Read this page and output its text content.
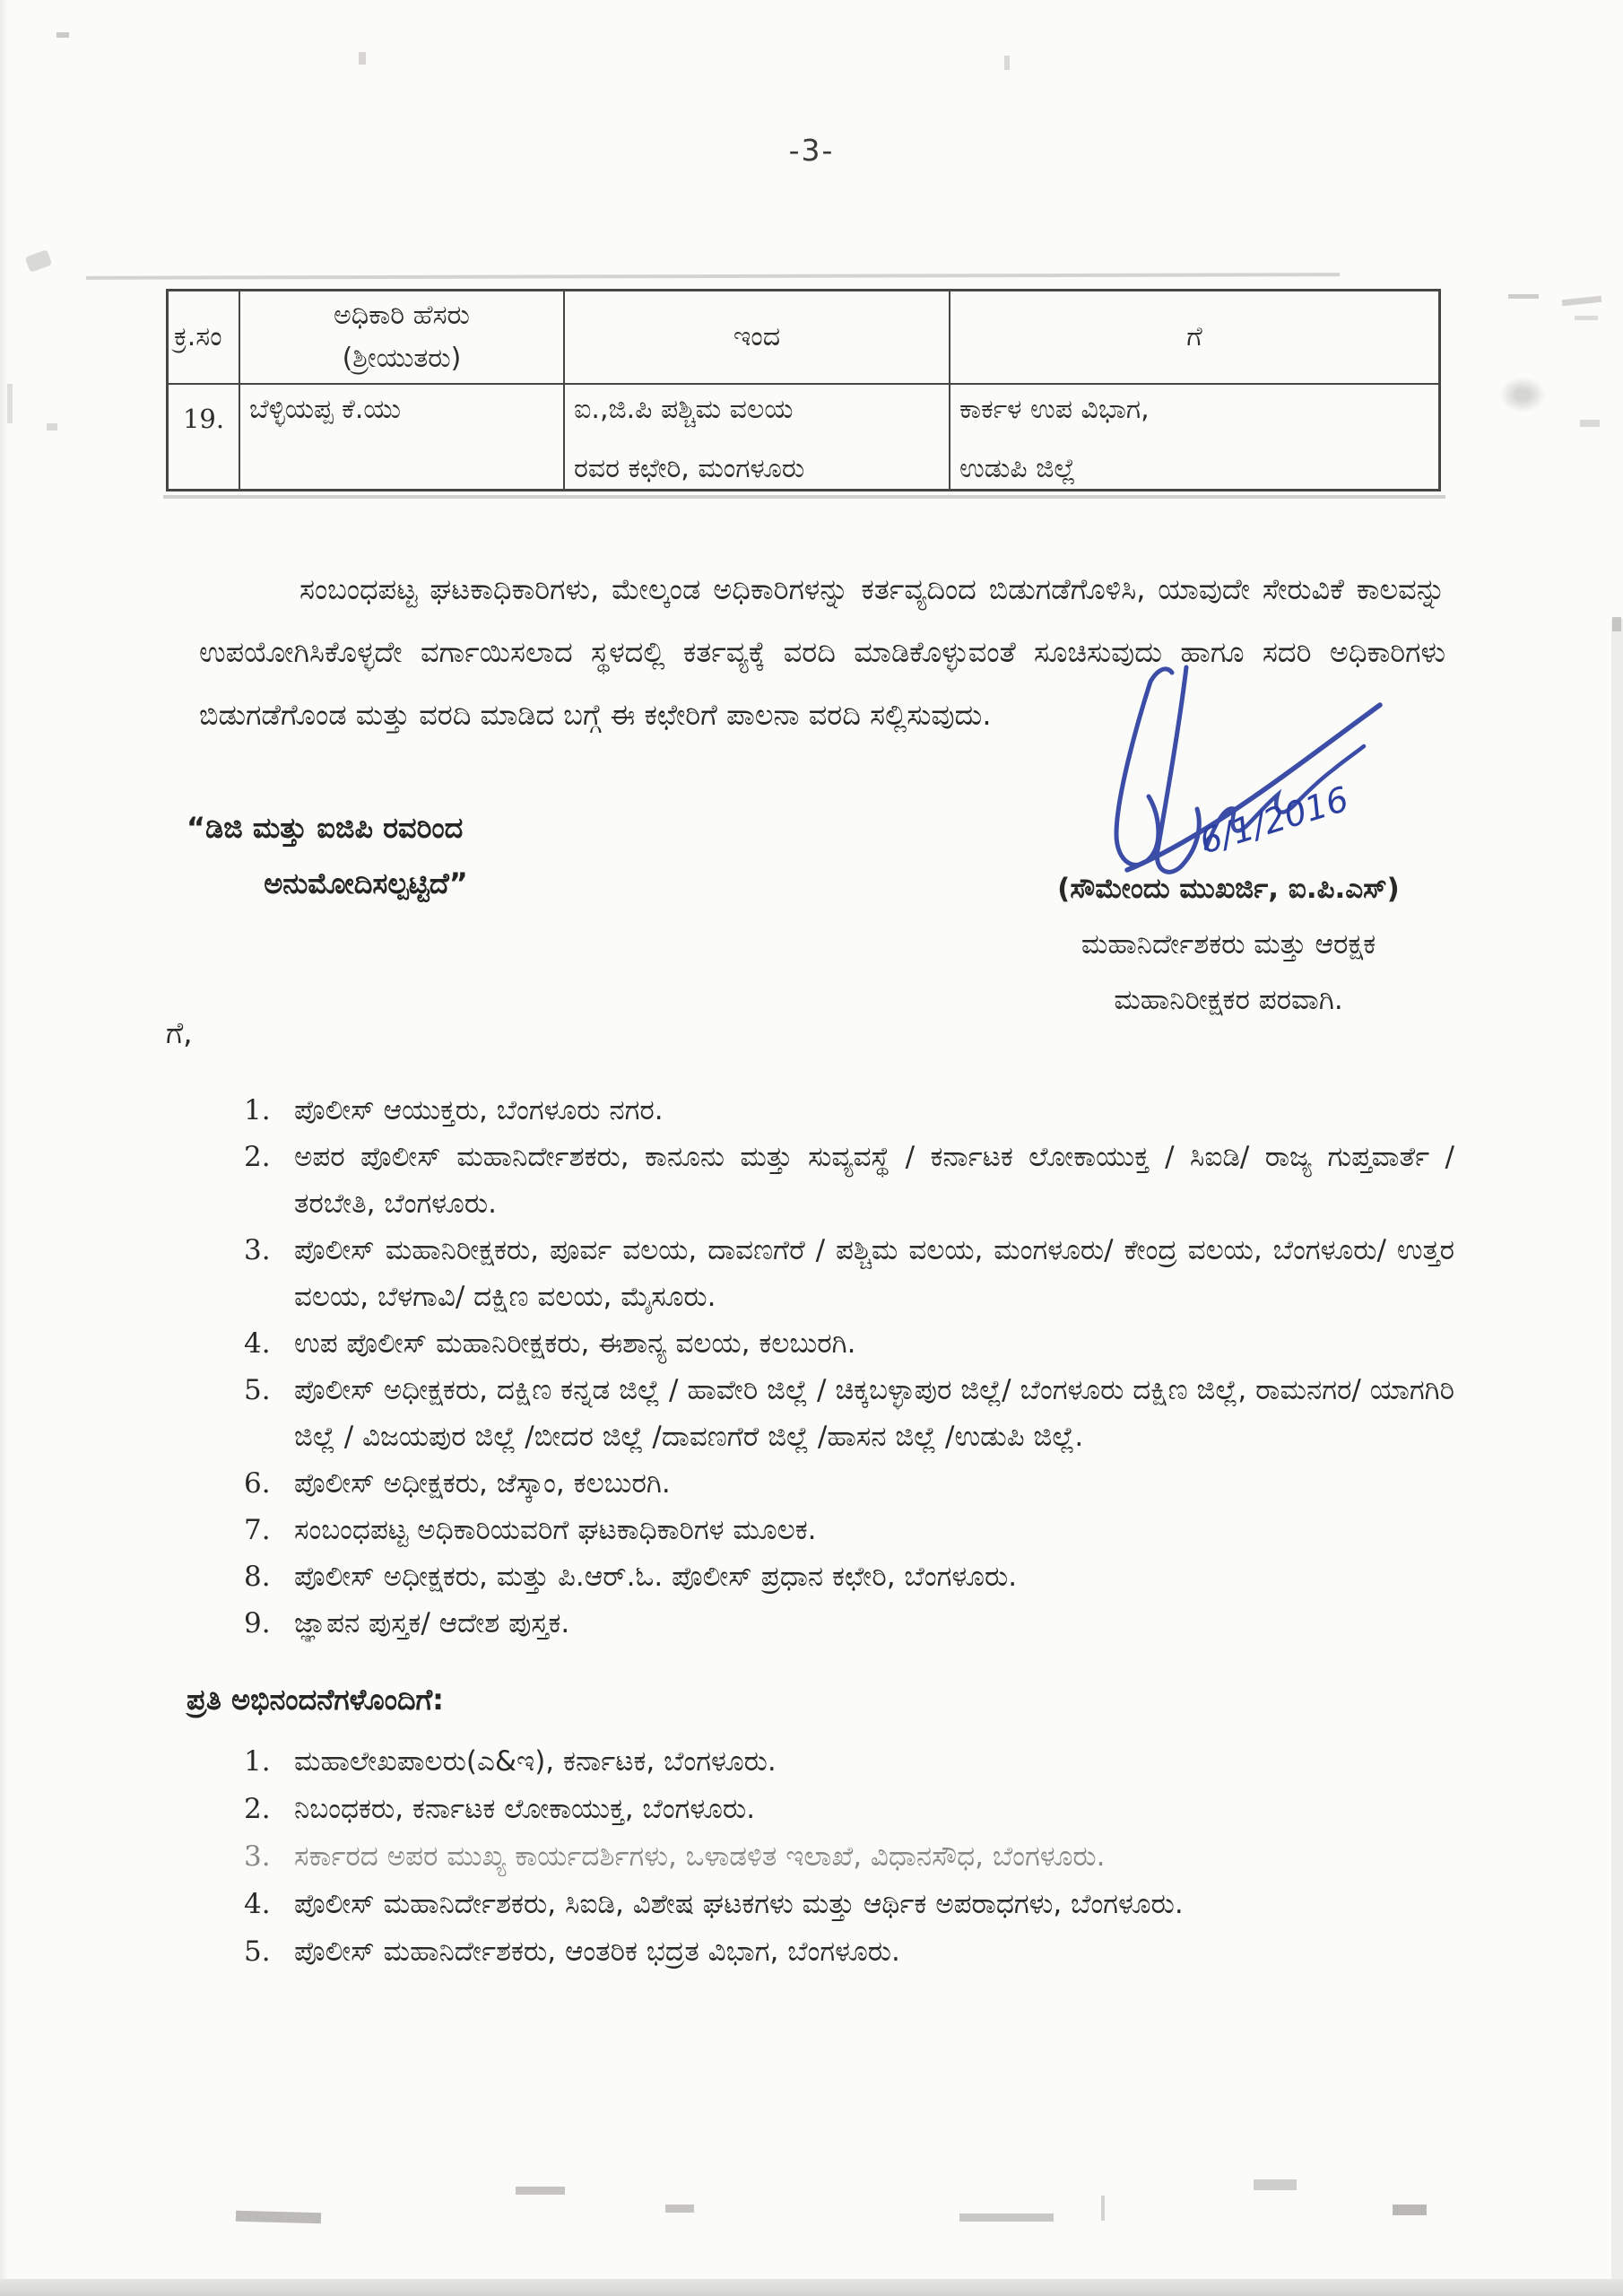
-3-
ಕ್ರ.ಸಂ
ಅಧಿಕಾರಿ ಹೆಸರು
(ಶ್ರೀಯುತರು)
ಇಂದ	ಗೆ
19. ಬೆಳ್ಳಿಯಪ್ಪ ಕೆ.ಯು	ಐ.,ಜಿ.ಪಿ ಪಶ್ಚಿಮ ವಲಯ
ರವರ ಕಛೇರಿ, ಮಂಗಳೂರು
ಕಾರ್ಕಳ ಉಪ ವಿಭಾಗ,
ಉಡುಪಿ ಜಿಲ್ಲೆ
ಸಂಬಂಧಪಟ್ಟ ಘಟಕಾಧಿಕಾರಿಗಳು, ಮೇಲ್ಕಂಡ ಅಧಿಕಾರಿಗಳನ್ನು ಕರ್ತವ್ಯದಿಂದ ಬಿಡುಗಡೆಗೊಳಿಸಿ, ಯಾವುದೇ ಸೇರುವಿಕೆ ಕಾಲವನ್ನು ಉಪಯೋಗಿಸಿಕೊಳ್ಳದೇ ವರ್ಗಾಯಿಸಲಾದ ಸ್ಥಳದಲ್ಲಿ ಕರ್ತವ್ಯಕ್ಕೆ ವರದಿ ಮಾಡಿಕೊಳ್ಳುವಂತೆ ಸೂಚಿಸುವುದು ಹಾಗೂ ಸದರಿ ಅಧಿಕಾರಿಗಳು ಬಿಡುಗಡೆಗೊಂಡ ಮತ್ತು ವರದಿ ಮಾಡಿದ ಬಗ್ಗೆ ಈ ಕಛೇರಿಗೆ ಪಾಲನಾ ವರದಿ ಸಲ್ಲಿಸುವುದು.
“ಡಿಜಿ ಮತ್ತು ಐಜಿಪಿ ರವರಿಂದ
ಅನುಮೋದಿಸಲ್ಪಟ್ಟಿದೆ”
6/1/2016
(ಸೌಮೇಂದು ಮುಖರ್ಜಿ, ಐ.ಪಿ.ಎಸ್)
ಮಹಾನಿರ್ದೇಶಕರು ಮತ್ತು ಆರಕ್ಷಕ
ಮಹಾನಿರೀಕ್ಷಕರ ಪರವಾಗಿ.
ಗೆ,
1. ಪೊಲೀಸ್ ಆಯುಕ್ತರು, ಬೆಂಗಳೂರು ನಗರ.
2. ಅಪರ ಪೊಲೀಸ್ ಮಹಾನಿರ್ದೇಶಕರು, ಕಾನೂನು ಮತ್ತು ಸುವ್ಯವಸ್ಥೆ / ಕರ್ನಾಟಕ ಲೋಕಾಯುಕ್ತ / ಸಿಐಡಿ/ ರಾಜ್ಯ ಗುಪ್ತವಾರ್ತೆ / ತರಬೇತಿ, ಬೆಂಗಳೂರು.
3. ಪೊಲೀಸ್ ಮಹಾನಿರೀಕ್ಷಕರು, ಪೂರ್ವ ವಲಯ, ದಾವಣಗೆರೆ / ಪಶ್ಚಿಮ ವಲಯ, ಮಂಗಳೂರು/ ಕೇಂದ್ರ ವಲಯ, ಬೆಂಗಳೂರು/ ಉತ್ತರ ವಲಯ, ಬೆಳಗಾವಿ/ ದಕ್ಷಿಣ ವಲಯ, ಮೈಸೂರು.
4. ಉಪ ಪೊಲೀಸ್ ಮಹಾನಿರೀಕ್ಷಕರು, ಈಶಾನ್ಯ ವಲಯ, ಕಲಬುರಗಿ.
5. ಪೊಲೀಸ್ ಅಧೀಕ್ಷಕರು, ದಕ್ಷಿಣ ಕನ್ನಡ ಜಿಲ್ಲೆ / ಹಾವೇರಿ ಜಿಲ್ಲೆ / ಚಿಕ್ಕಬಳ್ಳಾಪುರ ಜಿಲ್ಲೆ/ ಬೆಂಗಳೂರು ದಕ್ಷಿಣ ಜಿಲ್ಲೆ, ರಾಮನಗರ/ ಯಾಗಗಿರಿ ಜಿಲ್ಲೆ / ವಿಜಯಪುರ ಜಿಲ್ಲೆ /ಬೀದರ ಜಿಲ್ಲೆ /ದಾವಣಗೆರೆ ಜಿಲ್ಲೆ /ಹಾಸನ ಜಿಲ್ಲೆ /ಉಡುಪಿ ಜಿಲ್ಲೆ.
6. ಪೊಲೀಸ್ ಅಧೀಕ್ಷಕರು, ಜೆಸ್ಕಾಂ, ಕಲಬುರಗಿ.
7. ಸಂಬಂಧಪಟ್ಟ ಅಧಿಕಾರಿಯವರಿಗೆ ಘಟಕಾಧಿಕಾರಿಗಳ ಮೂಲಕ.
8. ಪೊಲೀಸ್ ಅಧೀಕ್ಷಕರು, ಮತ್ತು ಪಿ.ಆರ್.ಓ. ಪೊಲೀಸ್ ಪ್ರಧಾನ ಕಛೇರಿ, ಬೆಂಗಳೂರು.
9. ಜ್ಞಾಪನ ಪುಸ್ತಕ/ ಆದೇಶ ಪುಸ್ತಕ.
ಪ್ರತಿ ಅಭಿನಂದನೆಗಳೊಂದಿಗೆ:
1. ಮಹಾಲೇಖಪಾಲರು(ಎ&ಇ), ಕರ್ನಾಟಕ, ಬೆಂಗಳೂರು.
2. ನಿಬಂಧಕರು, ಕರ್ನಾಟಕ ಲೋಕಾಯುಕ್ತ, ಬೆಂಗಳೂರು.
3. ಸರ್ಕಾರದ ಅಪರ ಮುಖ್ಯ ಕಾರ್ಯದರ್ಶಿಗಳು, ಒಳಾಡಳಿತ ಇಲಾಖೆ, ವಿಧಾನಸೌಧ, ಬೆಂಗಳೂರು.
4. ಪೊಲೀಸ್ ಮಹಾನಿರ್ದೇಶಕರು, ಸಿಐಡಿ, ವಿಶೇಷ ಘಟಕಗಳು ಮತ್ತು ಆರ್ಥಿಕ ಅಪರಾಧಗಳು, ಬೆಂಗಳೂರು.
5. ಪೊಲೀಸ್ ಮಹಾನಿರ್ದೇಶಕರು, ಆಂತರಿಕ ಭದ್ರತ ವಿಭಾಗ, ಬೆಂಗಳೂರು.
